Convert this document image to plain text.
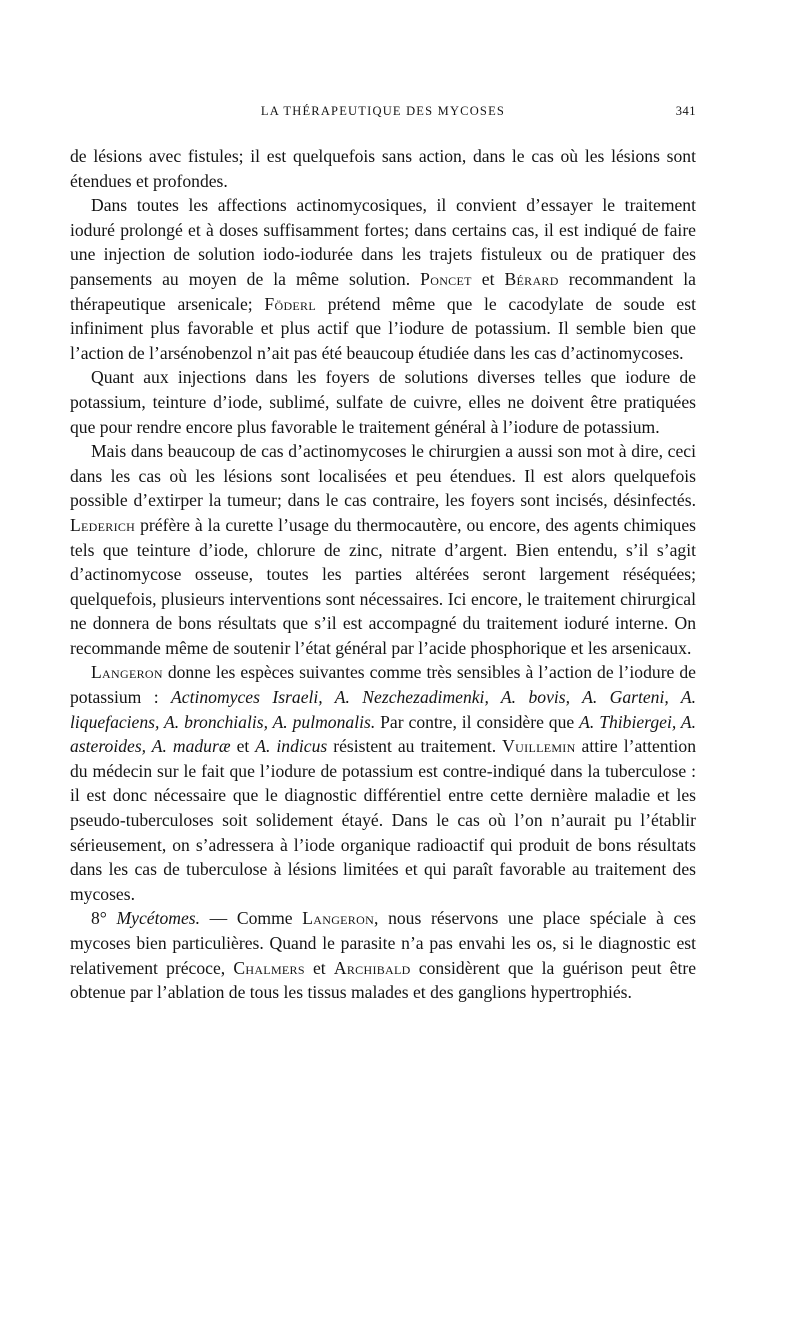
LA THÉRAPEUTIQUE DES MYCOSES	341

de lésions avec fistules; il est quelquefois sans action, dans le cas où les lésions sont étendues et profondes.

Dans toutes les affections actinomycosiques, il convient d’essayer le traitement ioduré prolongé et à doses suffisamment fortes; dans certains cas, il est indiqué de faire une injection de solution iodo-iodurée dans les trajets fistuleux ou de pratiquer des pansements au moyen de la même solution. Poncet et Bérard recommandent la thérapeutique arsenicale; Föderl prétend même que le cacodylate de soude est infiniment plus favorable et plus actif que l’iodure de potassium. Il semble bien que l’action de l’arsénobenzol n’ait pas été beaucoup étudiée dans les cas d’actinomycoses.

Quant aux injections dans les foyers de solutions diverses telles que iodure de potassium, teinture d’iode, sublimé, sulfate de cuivre, elles ne doivent être pratiquées que pour rendre encore plus favorable le traitement général à l’iodure de potassium.

Mais dans beaucoup de cas d’actinomycoses le chirurgien a aussi son mot à dire, ceci dans les cas où les lésions sont localisées et peu étendues. Il est alors quelquefois possible d’extirper la tumeur; dans le cas contraire, les foyers sont incisés, désinfectés. Lederich préfère à la curette l’usage du thermocautère, ou encore, des agents chimiques tels que teinture d’iode, chlorure de zinc, nitrate d’argent. Bien entendu, s’il s’agit d’actinomycose osseuse, toutes les parties altérées seront largement réséquées; quelquefois, plusieurs interventions sont nécessaires. Ici encore, le traitement chirurgical ne donnera de bons résultats que s’il est accompagné du traitement ioduré interne. On recommande même de soutenir l’état général par l’acide phosphorique et les arsenicaux.

Langeron donne les espèces suivantes comme très sensibles à l’action de l’iodure de potassium : Actinomyces Israeli, A. Nezchezadimenki, A. bovis, A. Garteni, A. liquefaciens, A. bronchialis, A. pulmonalis. Par contre, il considère que A. Thibiergei, A. asteroides, A. maduræ et A. indicus résistent au traitement. Vuillemin attire l’attention du médecin sur le fait que l’iodure de potassium est contre-indiqué dans la tuberculose : il est donc nécessaire que le diagnostic différentiel entre cette dernière maladie et les pseudo-tuberculoses soit solidement étayé. Dans le cas où l’on n’aurait pu l’établir sérieusement, on s’adressera à l’iode organique radioactif qui produit de bons résultats dans les cas de tuberculose à lésions limitées et qui paraît favorable au traitement des mycoses.

8° Mycétomes. — Comme Langeron, nous réservons une place spéciale à ces mycoses bien particulières. Quand le parasite n’a pas envahi les os, si le diagnostic est relativement précoce, Chalmers et Archibald considèrent que la guérison peut être obtenue par l’ablation de tous les tissus malades et des ganglions hypertrophiés.
